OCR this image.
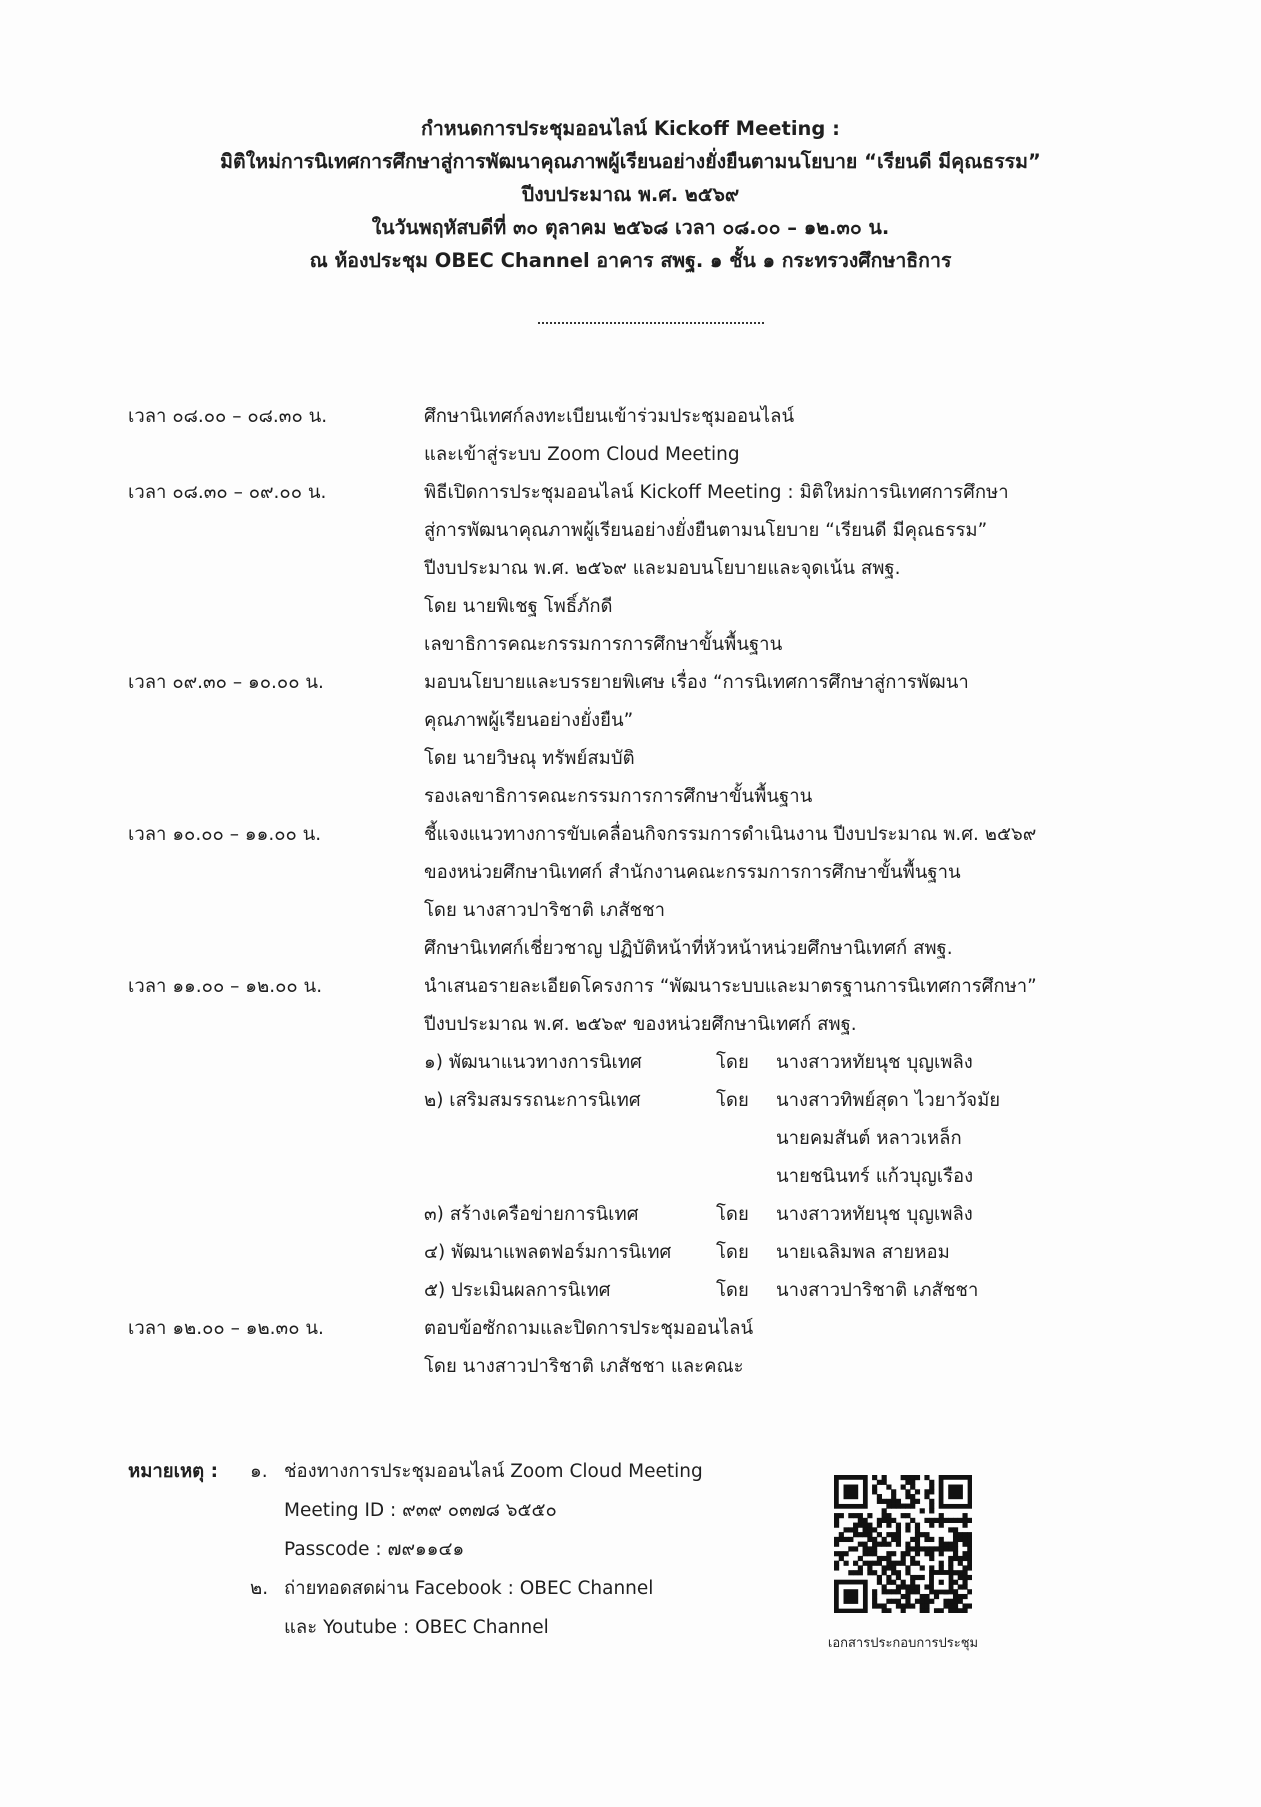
กำหนดการประชุมออนไลน์ Kickoff Meeting :
มิติใหม่การนิเทศการศึกษาสู่การพัฒนาคุณภาพผู้เรียนอย่างยั่งยืนตามนโยบาย “เรียนดี มีคุณธรรม”
ปีงบประมาณ พ.ศ. ๒๕๖๙
ในวันพฤหัสบดีที่ ๓๐ ตุลาคม ๒๕๖๘ เวลา ๐๘.๐๐ – ๑๒.๓๐ น.
ณ ห้องประชุม OBEC Channel อาคาร สพฐ. ๑ ชั้น ๑ กระทรวงศึกษาธิการ
เวลา ๐๘.๐๐ – ๐๘.๓๐ น.	ศึกษานิเทศก์ลงทะเบียนเข้าร่วมประชุมออนไลน์
และเข้าสู่ระบบ Zoom Cloud Meeting
เวลา ๐๘.๓๐ – ๐๙.๐๐ น.	พิธีเปิดการประชุมออนไลน์ Kickoff Meeting : มิติใหม่การนิเทศการศึกษา
สู่การพัฒนาคุณภาพผู้เรียนอย่างยั่งยืนตามนโยบาย “เรียนดี มีคุณธรรม”
ปีงบประมาณ พ.ศ. ๒๕๖๙ และมอบนโยบายและจุดเน้น สพฐ.
โดย นายพิเชฐ โพธิ์ภักดี
เลขาธิการคณะกรรมการการศึกษาขั้นพื้นฐาน
เวลา ๐๙.๓๐ – ๑๐.๐๐ น.	มอบนโยบายและบรรยายพิเศษ เรื่อง “การนิเทศการศึกษาสู่การพัฒนา
คุณภาพผู้เรียนอย่างยั่งยืน”
โดย นายวิษณุ ทรัพย์สมบัติ
รองเลขาธิการคณะกรรมการการศึกษาขั้นพื้นฐาน
เวลา ๑๐.๐๐ – ๑๑.๐๐ น.	ชี้แจงแนวทางการขับเคลื่อนกิจกรรมการดำเนินงาน ปีงบประมาณ พ.ศ. ๒๕๖๙
ของหน่วยศึกษานิเทศก์ สำนักงานคณะกรรมการการศึกษาขั้นพื้นฐาน
โดย นางสาวปาริชาติ เภสัชชา
ศึกษานิเทศก์เชี่ยวชาญ ปฏิบัติหน้าที่หัวหน้าหน่วยศึกษานิเทศก์ สพฐ.
เวลา ๑๑.๐๐ – ๑๒.๐๐ น.	นำเสนอรายละเอียดโครงการ “พัฒนาระบบและมาตรฐานการนิเทศการศึกษา”
ปีงบประมาณ พ.ศ. ๒๕๖๙ ของหน่วยศึกษานิเทศก์ สพฐ.
๑) พัฒนาแนวทางการนิเทศ	โดย นางสาวหทัยนุช บุญเพลิง
๒) เสริมสมรรถนะการนิเทศ	โดย นางสาวทิพย์สุดา ไวยาวัจมัย
นายคมสันต์ หลาวเหล็ก
นายชนินทร์ แก้วบุญเรือง
๓) สร้างเครือข่ายการนิเทศ	โดย นางสาวหทัยนุช บุญเพลิง
๔) พัฒนาแพลตฟอร์มการนิเทศ โดย นายเฉลิมพล สายหอม
๕) ประเมินผลการนิเทศ	โดย นางสาวปาริชาติ เภสัชชา
เวลา ๑๒.๐๐ – ๑๒.๓๐ น.	ตอบข้อซักถามและปิดการประชุมออนไลน์
โดย นางสาวปาริชาติ เภสัชชา และคณะ
หมายเหตุ : ๑. ช่องทางการประชุมออนไลน์ Zoom Cloud Meeting
Meeting ID : ๙๓๙ ๐๓๗๘ ๖๕๕๐
Passcode : ๗๙๑๑๔๑
๒. ถ่ายทอดสดผ่าน Facebook : OBEC Channel
และ Youtube : OBEC Channel
เอกสารประกอบการประชุม
